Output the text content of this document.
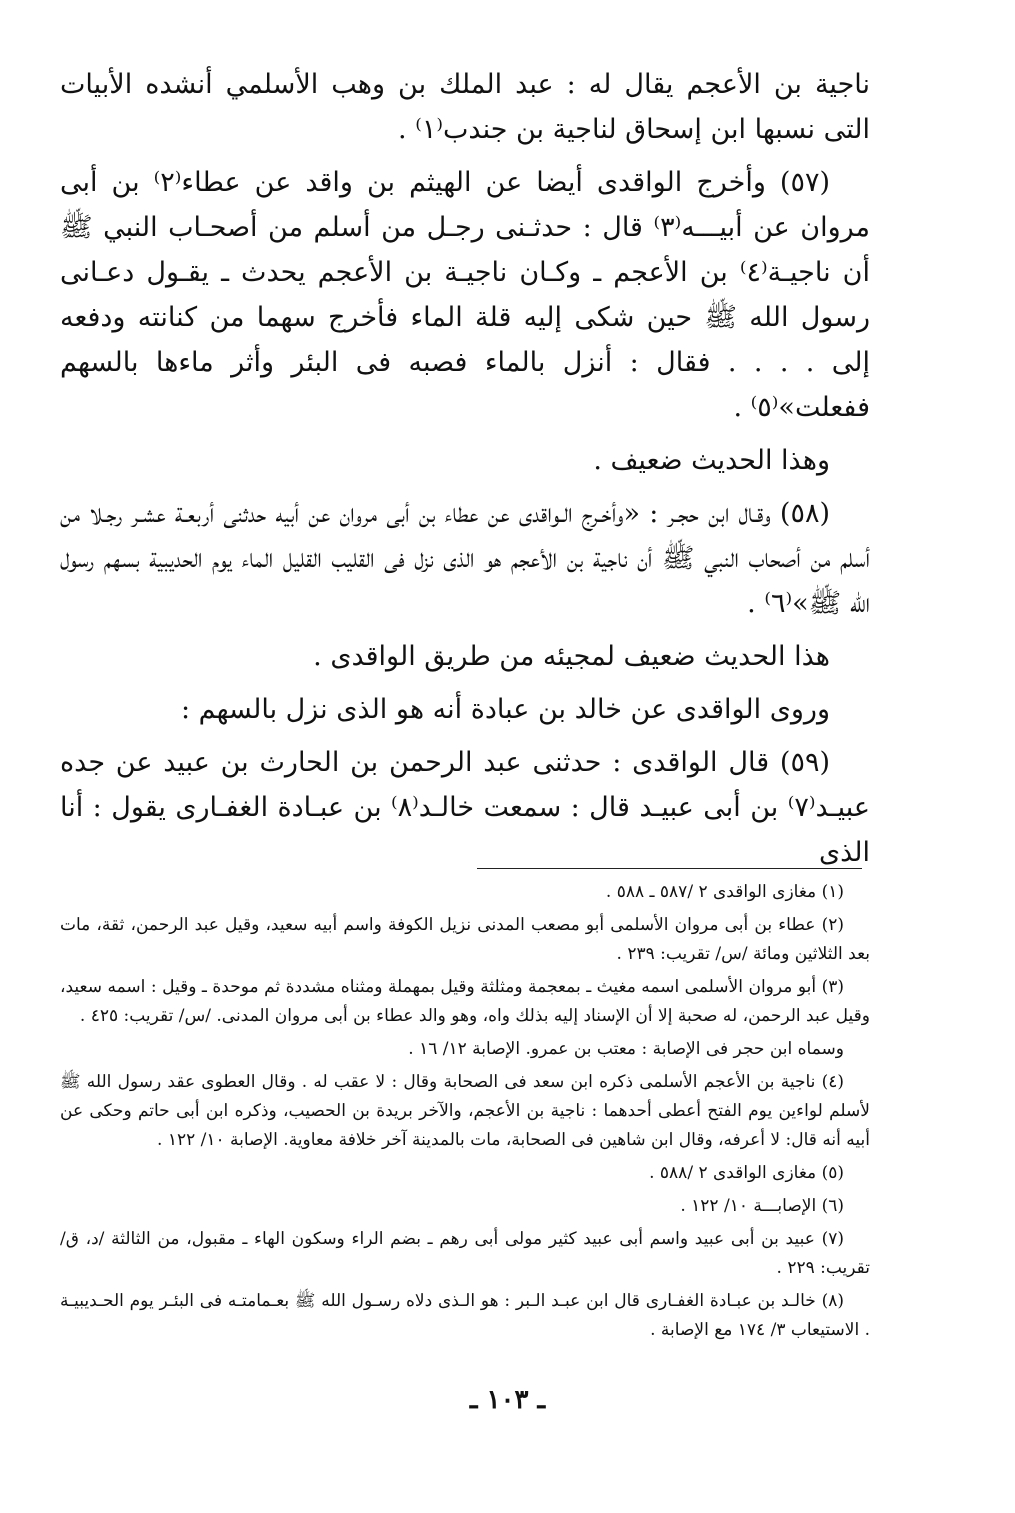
ناجية بن الأعجم يقال له : عبد الملك بن وهب الأسلمي أنشده الأبيات التى نسبها ابن إسحاق لناجية بن جندب⁽١⁾ .

(٥٧) وأخرج الواقدى أيضا عن الهيثم بن واقد عن عطاء⁽٢⁾ بن أبى مروان عن أبيـــه⁽٣⁾ قال : حدثـنى رجـل من أسلم من أصحـاب النبي ﷺ أن ناجيـة⁽٤⁾ بن الأعجم ـ وكـان ناجيـة بن الأعجم يحدث ـ يقـول دعـانى رسول الله ﷺ حين شكى إليه قلة الماء فأخرج سهما من كنانته ودفعه إلى . . . . فقال : أنزل بالماء فصبه فى البئر وأثر ماءها بالسهم ففعلت»⁽٥⁾ .

وهذا الحديث ضعيف .

(٥٨) وقـال ابن حجـر : «وأخـرج الـواقدى عن عطاء بن أبى مروان عن أبيه حدثنى أربعـة عشـر رجـلا من أسلم من أصحاب النبي ﷺ أن ناجية بن الأعجم هو الذى نزل فى القليب القليل الماء يوم الحديبية بسهم رسول الله ﷺ»⁽٦⁾ .

هذا الحديث ضعيف لمجيئه من طريق الواقدى .

وروى الواقدى عن خالد بن عبادة أنه هو الذى نزل بالسهم :

(٥٩) قال الواقدى : حدثنى عبد الرحمن بن الحارث بن عبيد عن جده عبيـد⁽٧⁾ بن أبى عبيـد قال : سمعت خالـد⁽٨⁾ بن عبـادة الغفـارى يقول : أنا الذى

(١) مغازى الواقدى ٢ /٥٨٧ ـ ٥٨٨ .

(٢) عطاء بن أبى مروان الأسلمى أبو مصعب المدنى نزيل الكوفة واسم أبيه سعيد، وقيل عبد الرحمن، ثقة، مات بعد الثلاثين ومائة /س/ تقريب: ٢٣٩ .

(٣) أبو مروان الأسلمى اسمه مغيث ـ بمعجمة ومثلثة وقيل بمهملة ومثناه مشددة ثم موحدة ـ وقيل : اسمه سعيد، وقيل عبد الرحمن، له صحبة إلا أن الإسناد إليه بذلك واه، وهو والد عطاء بن أبى مروان المدنى. /س/ تقريب: ٤٢٥ .

وسماه ابن حجر فى الإصابة : معتب بن عمرو. الإصابة ١٢/ ١٦ .

(٤) ناجية بن الأعجم الأسلمى ذكره ابن سعد فى الصحابة وقال : لا عقب له . وقال العطوى عقد رسول الله ﷺ لأسلم لواءين يوم الفتح أعطى أحدهما : ناجية بن الأعجم، والآخر بريدة بن الحصيب، وذكره ابن أبى حاتم وحكى عن أبيه أنه قال: لا أعرفه، وقال ابن شاهين فى الصحابة، مات بالمدينة آخر خلافة معاوية. الإصابة ١٠/ ١٢٢ .

(٥) مغازى الواقدى ٢ /٥٨٨ .

(٦) الإصابـــة ١٠/ ١٢٢ .

(٧) عبيد بن أبى عبيد واسم أبى عبيد كثير مولى أبى رهم ـ بضم الراء وسكون الهاء ـ مقبول، من الثالثة /د، ق/ تقريب: ٢٢٩ .

(٨) خالـد بن عبـادة الغفـارى قال ابن عبـد الـبر : هو الـذى دلاه رسـول الله ﷺ بعـمامتـه فى البئـر يوم الحـديبيـة . الاستيعاب ٣/ ١٧٤ مع الإصابة .

ـ ١٠٣ ـ
